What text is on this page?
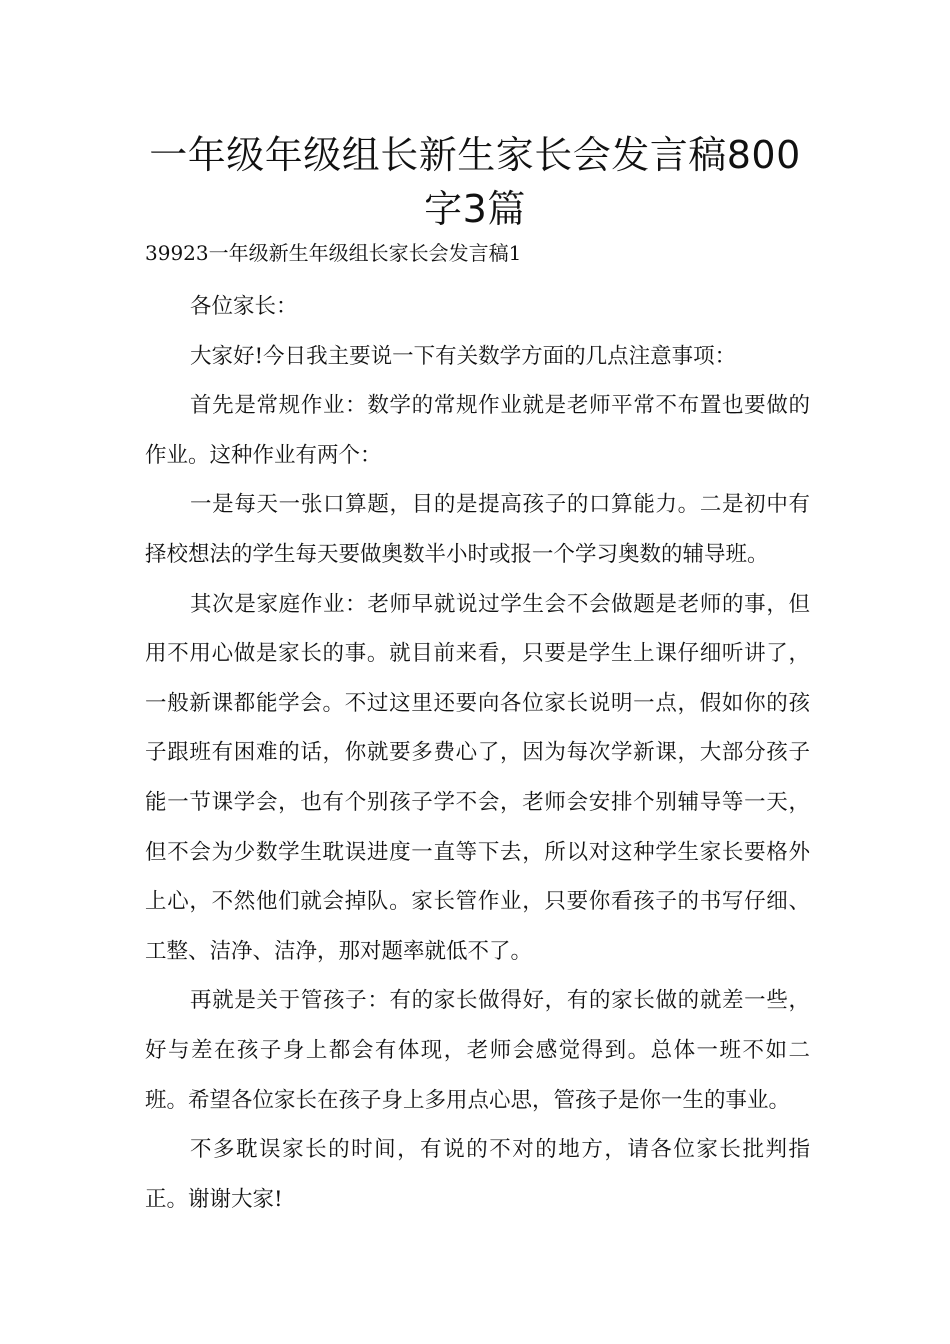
一年级年级组长新生家长会发言稿800
字3篇

39923一年级新生年级组长家长会发言稿1

各位家长：

大家好!今日我主要说一下有关数学方面的几点注意事项：

首先是常规作业：数学的常规作业就是老师平常不布置也要做的作业。这种作业有两个：

一是每天一张口算题，目的是提高孩子的口算能力。二是初中有择校想法的学生每天要做奥数半小时或报一个学习奥数的辅导班。

其次是家庭作业：老师早就说过学生会不会做题是老师的事，但用不用心做是家长的事。就目前来看，只要是学生上课仔细听讲了，一般新课都能学会。不过这里还要向各位家长说明一点，假如你的孩子跟班有困难的话，你就要多费心了，因为每次学新课，大部分孩子能一节课学会，也有个别孩子学不会，老师会安排个别辅导等一天，但不会为少数学生耽误进度一直等下去，所以对这种学生家长要格外上心，不然他们就会掉队。家长管作业，只要你看孩子的书写仔细、工整、洁净、洁净，那对题率就低不了。

再就是关于管孩子：有的家长做得好，有的家长做的就差一些，好与差在孩子身上都会有体现，老师会感觉得到。总体一班不如二班。希望各位家长在孩子身上多用点心思，管孩子是你一生的事业。

不多耽误家长的时间，有说的不对的地方，请各位家长批判指正。谢谢大家!
